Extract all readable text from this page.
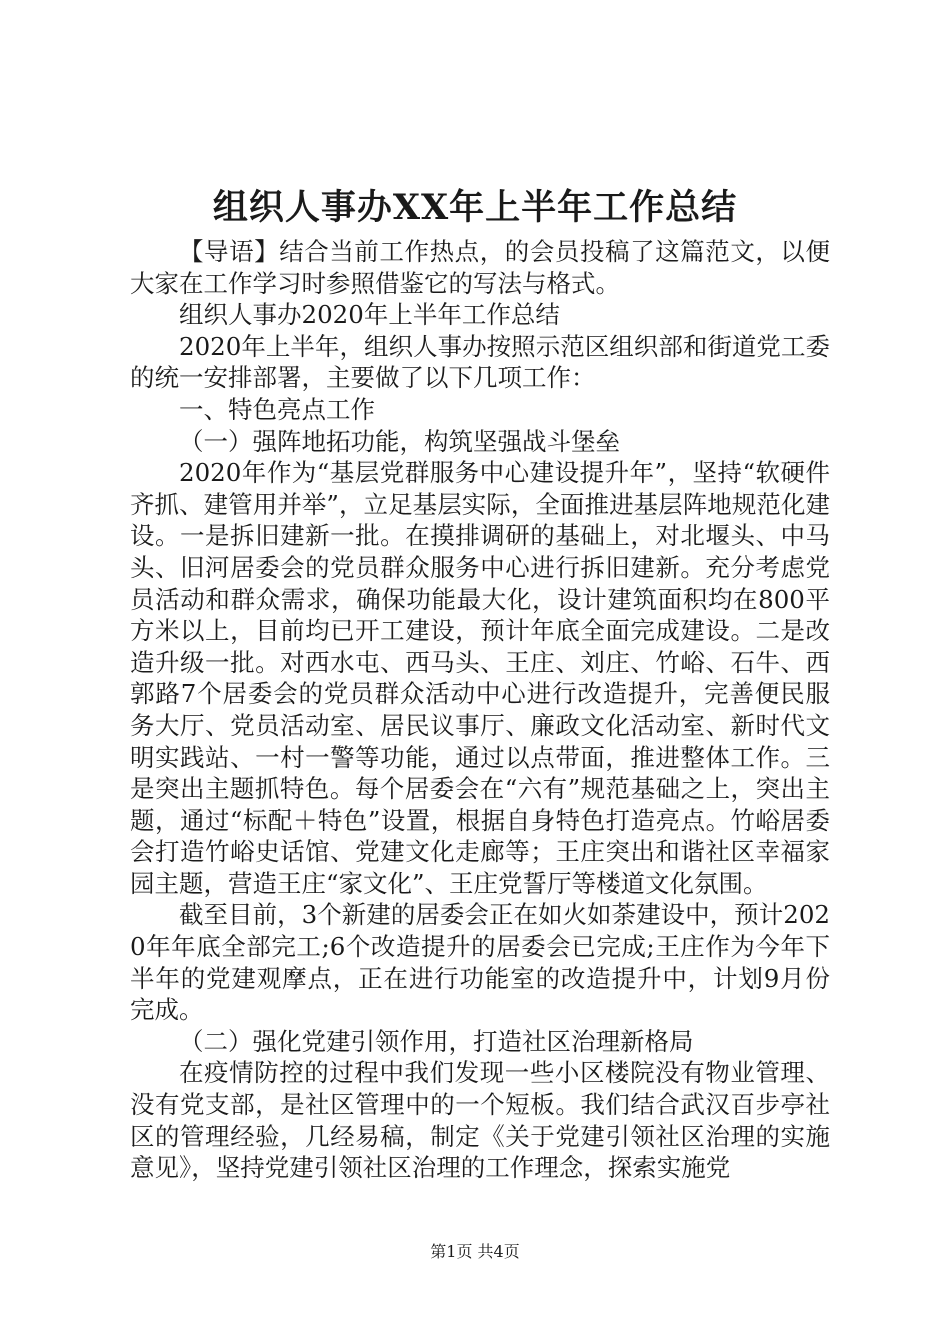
组织人事办XX年上半年工作总结

【导语】结合当前工作热点，的会员投稿了这篇范文，以便大家在工作学习时参照借鉴它的写法与格式。

组织人事办2020年上半年工作总结

2020年上半年，组织人事办按照示范区组织部和街道党工委的统一安排部署，主要做了以下几项工作：

一、特色亮点工作

（一）强阵地拓功能，构筑坚强战斗堡垒

2020年作为“基层党群服务中心建设提升年”，坚持“软硬件齐抓、建管用并举”，立足基层实际，全面推进基层阵地规范化建设。一是拆旧建新一批。在摸排调研的基础上，对北堰头、中马头、旧河居委会的党员群众服务中心进行拆旧建新。充分考虑党员活动和群众需求，确保功能最大化，设计建筑面积均在800平方米以上，目前均已开工建设，预计年底全面完成建设。二是改造升级一批。对西水屯、西马头、王庄、刘庄、竹峪、石牛、西郭路7个居委会的党员群众活动中心进行改造提升，完善便民服务大厅、党员活动室、居民议事厅、廉政文化活动室、新时代文明实践站、一村一警等功能，通过以点带面，推进整体工作。三是突出主题抓特色。每个居委会在“六有”规范基础之上，突出主题，通过“标配＋特色”设置，根据自身特色打造亮点。竹峪居委会打造竹峪史话馆、党建文化走廊等；王庄突出和谐社区幸福家园主题，营造王庄“家文化”、王庄党誓厅等楼道文化氛围。

截至目前，3个新建的居委会正在如火如荼建设中，预计2020年年底全部完工;6个改造提升的居委会已完成;王庄作为今年下半年的党建观摩点，正在进行功能室的改造提升中，计划9月份完成。

（二）强化党建引领作用，打造社区治理新格局

在疫情防控的过程中我们发现一些小区楼院没有物业管理、没有党支部，是社区管理中的一个短板。我们结合武汉百步亭社区的管理经验，几经易稿，制定《关于党建引领社区治理的实施意见》，坚持党建引领社区治理的工作理念，探索实施党

第1页 共4页
